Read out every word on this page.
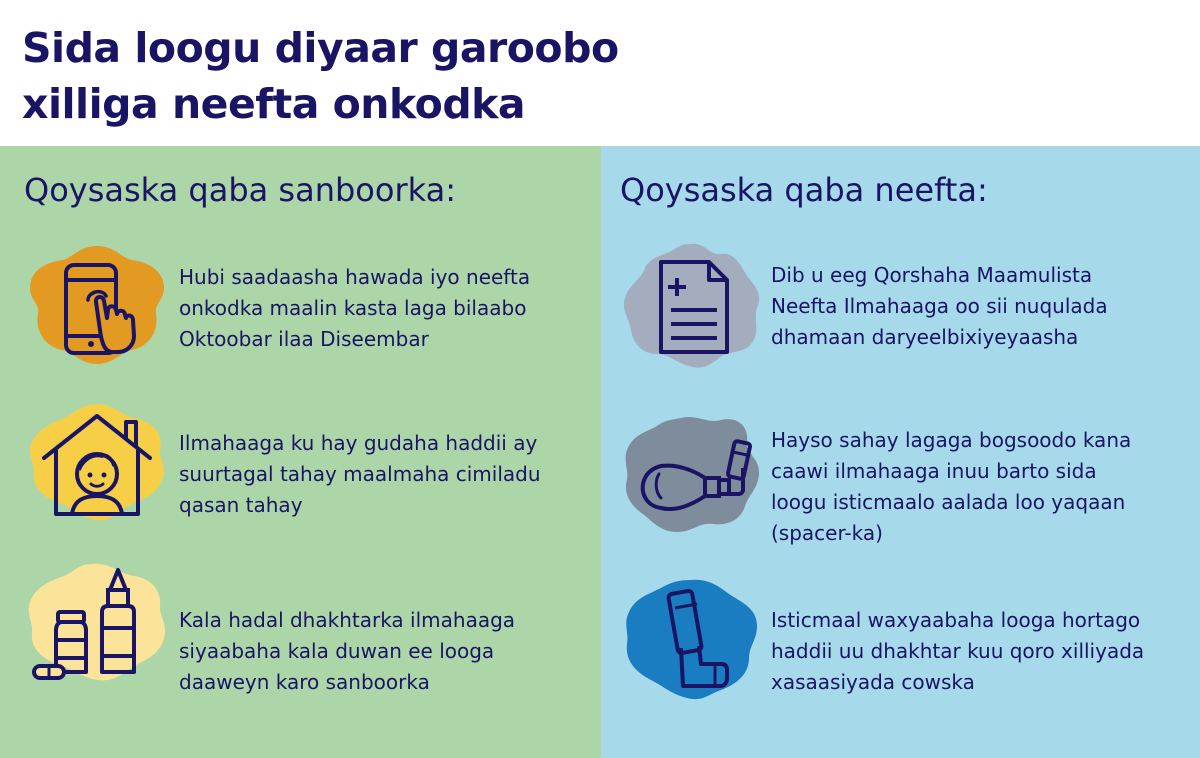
Sida loogu diyaar garoobo
xilliga neefta onkodka
Qoysaska qaba sanboorka:	Qoysaska qaba neefta:
Hubi saadaasha hawada iyo neefta
onkodka maalin kasta laga bilaabo
Oktoobar ilaa Diseembar
Ilmahaaga ku hay gudaha haddii ay
suurtagal tahay maalmaha cimiladu
qasan tahay
Kala hadal dhakhtarka ilmahaaga
siyaabaha kala duwan ee looga
daaweyn karo sanboorka
Dib u eeg Qorshaha Maamulista
Neefta Ilmahaaga oo sii nuqulada
dhamaan daryeelbixiyeyaasha
Hayso sahay lagaga bogsoodo kana
caawi ilmahaaga inuu barto sida
loogu isticmaalo aalada loo yaqaan
(spacer-ka)
Isticmaal waxyaabaha looga hortago
haddii uu dhakhtar kuu qoro xilliyada
xasaasiyada cowska
